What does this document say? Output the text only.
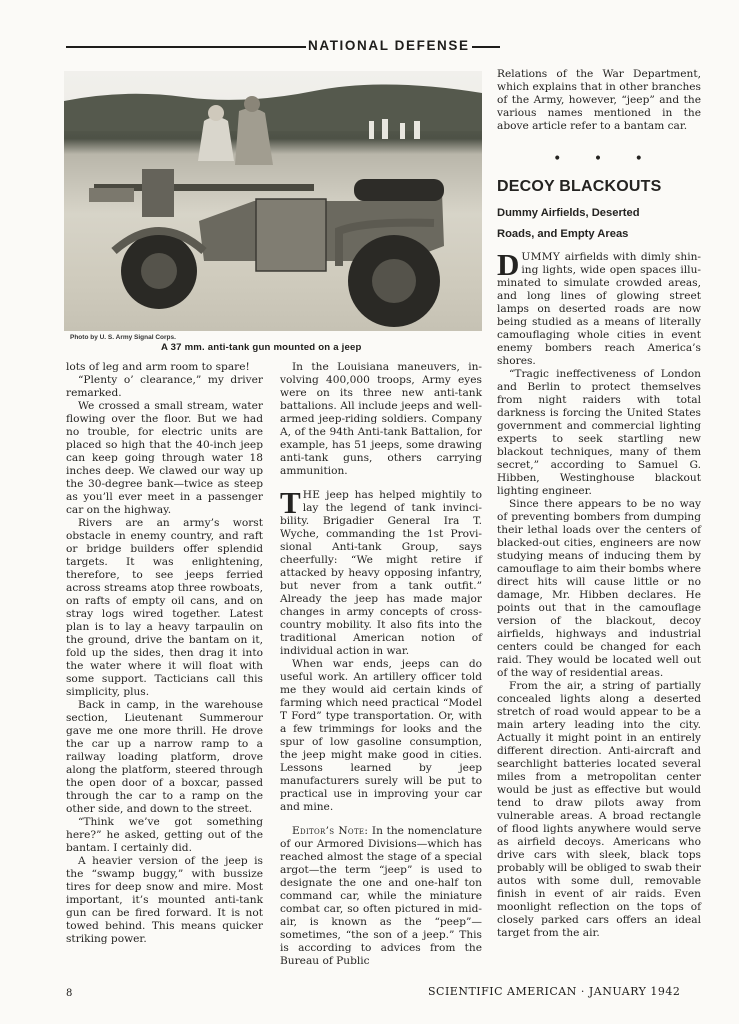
NATIONAL DEFENSE
Photo by U. S. Army Signal Corps.
A 37 mm. anti-tank gun mounted on a jeep

lots of leg and arm room to spare!

“Plenty o’ clearance,” my driver remarked.

We crossed a small stream, water flowing over the floor. But we had no trouble, for electric units are placed so high that the 40-inch jeep can keep going through water 18 inches deep. We clawed our way up the 30-degree bank—twice as steep as you’ll ever meet in a passenger car on the highway.

Rivers are an army’s worst obstacle in enemy country, and raft or bridge builders offer splendid targets. It was enlightening, therefore, to see jeeps ferried across streams atop three rowboats, on rafts of empty oil cans, and on stray logs wired together. Latest plan is to lay a heavy tarpaulin on the ground, drive the bantam on it, fold up the sides, then drag it into the water where it will float with some support. Tacticians call this simplicity, plus.

Back in camp, in the warehouse section, Lieutenant Summerour gave me one more thrill. He drove the car up a narrow ramp to a railway loading platform, drove along the platform, steered through the open door of a boxcar, passed through the car to a ramp on the other side, and down to the street.

“Think we’ve got something here?” he asked, getting out of the bantam. I certainly did.

A heavier version of the jeep is the “swamp buggy,” with bussize tires for deep snow and mire. Most important, it’s mounted anti-tank gun can be fired forward. It is not towed behind. This means quicker striking power.

In the Louisiana maneuvers, involving 400,000 troops, Army eyes were on its three new anti-tank battalions. All include jeeps and well-armed jeep-riding soldiers. Company A, of the 94th Anti-tank Battalion, for example, has 51 jeeps, some drawing anti-tank guns, others carrying ammunition.

THE jeep has helped mightily to lay the legend of tank invincibility. Brigadier General Ira T. Wyche, commanding the 1st Provisional Anti-tank Group, says cheerfully: “We might retire if attacked by heavy opposing infantry, but never from a tank outfit.” Already the jeep has made major changes in army concepts of cross-country mobility. It also fits into the traditional American notion of individual action in war.

When war ends, jeeps can do useful work. An artillery officer told me they would aid certain kinds of farming which need practical “Model T Ford” type transportation. Or, with a few trimmings for looks and the spur of low gasoline consumption, the jeep might make good in cities. Lessons learned by jeep manufacturers surely will be put to practical use in improving your car and mine.

Editor’s Note: In the nomenclature of our Armored Divisions—which has reached almost the stage of a special argot—the term “jeep” is used to designate the one and one-half ton command car, while the miniature combat car, so often pictured in mid-air, is known as the “peep”—sometimes, “the son of a jeep.” This is according to advices from the Bureau of Public

Relations of the War Department, which explains that in other branches of the Army, however, “jeep” and the various names mentioned in the above article refer to a bantam car.

• • •
DECOY BLACKOUTS
Dummy Airfields, Deserted
Roads, and Empty Areas

DUMMY airfields with dimly shining lights, wide open spaces illuminated to simulate crowded areas, and long lines of glowing street lamps on deserted roads are now being studied as a means of literally camouflaging whole cities in event enemy bombers reach America’s shores.

“Tragic ineffectiveness of London and Berlin to protect themselves from night raiders with total darkness is forcing the United States government and commercial lighting experts to seek startling new blackout techniques, many of them secret,” according to Samuel G. Hibben, Westinghouse blackout lighting engineer.

Since there appears to be no way of preventing bombers from dumping their lethal loads over the centers of blacked-out cities, engineers are now studying means of inducing them by camouflage to aim their bombs where direct hits will cause little or no damage, Mr. Hibben declares. He points out that in the camouflage version of the blackout, decoy airfields, highways and industrial centers could be changed for each raid. They would be located well out of the way of residential areas.

From the air, a string of partially concealed lights along a deserted stretch of road would appear to be a main artery leading into the city. Actually it might point in an entirely different direction. Anti-aircraft and searchlight batteries located several miles from a metropolitan center would be just as effective but would tend to draw pilots away from vulnerable areas. A broad rectangle of flood lights anywhere would serve as airfield decoys. Americans who drive cars with sleek, black tops probably will be obliged to swab their autos with some dull, removable finish in event of air raids. Even moonlight reflection on the tops of closely parked cars offers an ideal target from the air.

8	SCIENTIFIC AMERICAN · JANUARY 1942
